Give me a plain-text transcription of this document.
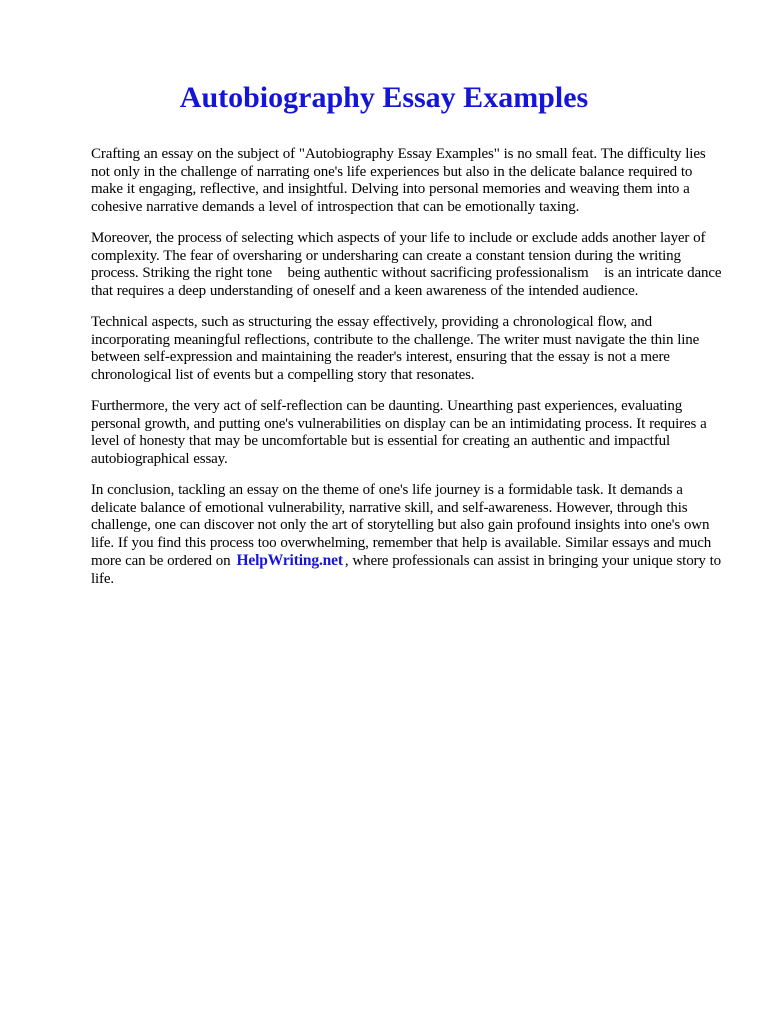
Autobiography Essay Examples

Crafting an essay on the subject of "Autobiography Essay Examples" is no small feat. The difficulty lies not only in the challenge of narrating one's life experiences but also in the delicate balance required to make it engaging, reflective, and insightful. Delving into personal memories and weaving them into a cohesive narrative demands a level of introspection that can be emotionally taxing.

Moreover, the process of selecting which aspects of your life to include or exclude adds another layer of complexity. The fear of oversharing or undersharing can create a constant tension during the writing process. Striking the right tone    being authentic without sacrificing professionalism    is an intricate dance that requires a deep understanding of oneself and a keen awareness of the intended audience.

Technical aspects, such as structuring the essay effectively, providing a chronological flow, and incorporating meaningful reflections, contribute to the challenge. The writer must navigate the thin line between self-expression and maintaining the reader's interest, ensuring that the essay is not a mere chronological list of events but a compelling story that resonates.

Furthermore, the very act of self-reflection can be daunting. Unearthing past experiences, evaluating personal growth, and putting one's vulnerabilities on display can be an intimidating process. It requires a level of honesty that may be uncomfortable but is essential for creating an authentic and impactful autobiographical essay.

In conclusion, tackling an essay on the theme of one's life journey is a formidable task. It demands a delicate balance of emotional vulnerability, narrative skill, and self-awareness. However, through this challenge, one can discover not only the art of storytelling but also gain profound insights into one's own life. If you find this process too overwhelming, remember that help is available. Similar essays and much more can be ordered on HelpWriting.net , where professionals can assist in bringing your unique story to life.
